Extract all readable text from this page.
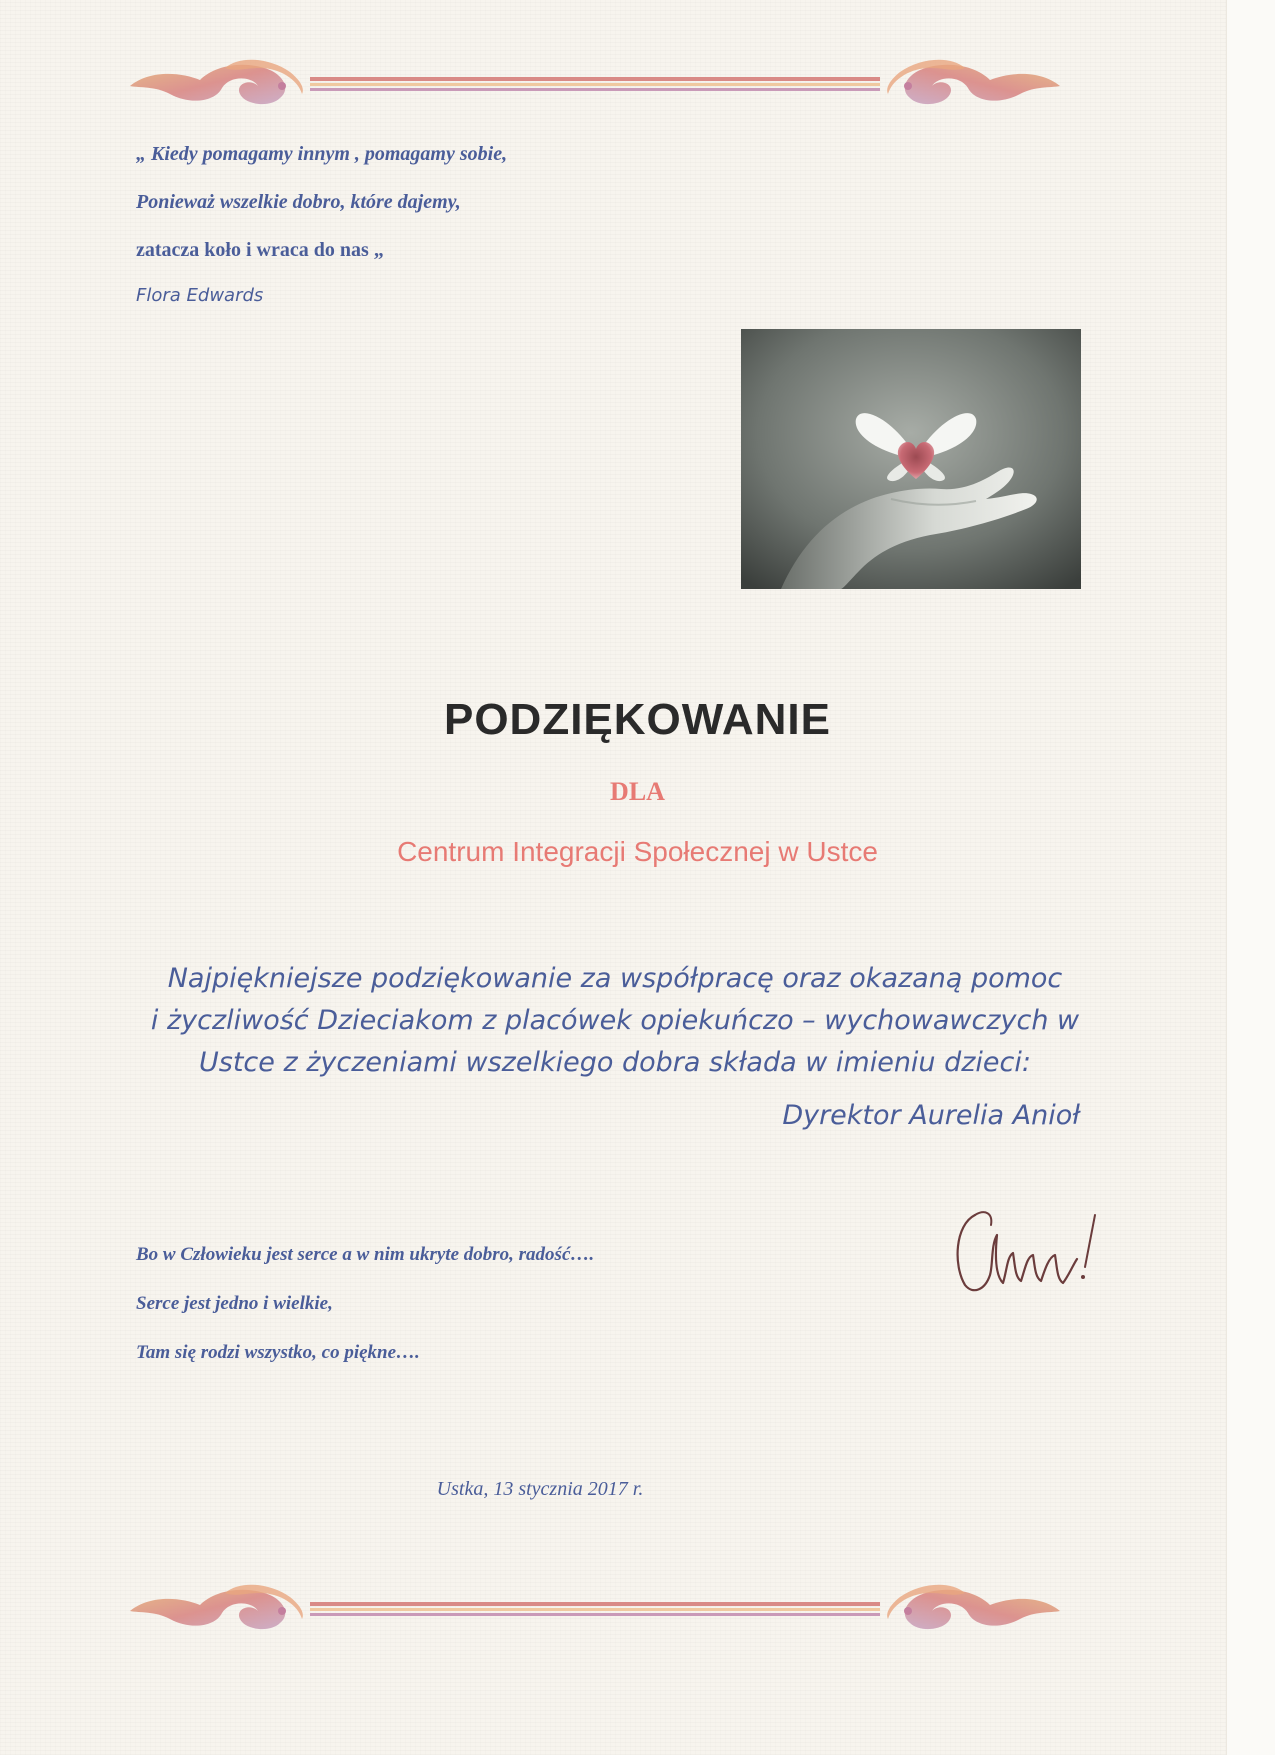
„ Kiedy pomagamy innym , pomagamy sobie,
Ponieważ wszelkie dobro, które dajemy,
zatacza koło i wraca do nas „
Flora Edwards
PODZIĘKOWANIE
DLA
Centrum Integracji Społecznej w Ustce
Najpiękniejsze podziękowanie za współpracę oraz okazaną pomoc
i życzliwość Dzieciakom z placówek opiekuńczo – wychowawczych w
Ustce z życzeniami wszelkiego dobra składa w imieniu dzieci:
Dyrektor Aurelia Anioł
Bo w Człowieku jest serce a w nim ukryte dobro, radość….
Serce jest jedno i wielkie,
Tam się rodzi wszystko, co piękne….
Ustka, 13 stycznia 2017 r.
